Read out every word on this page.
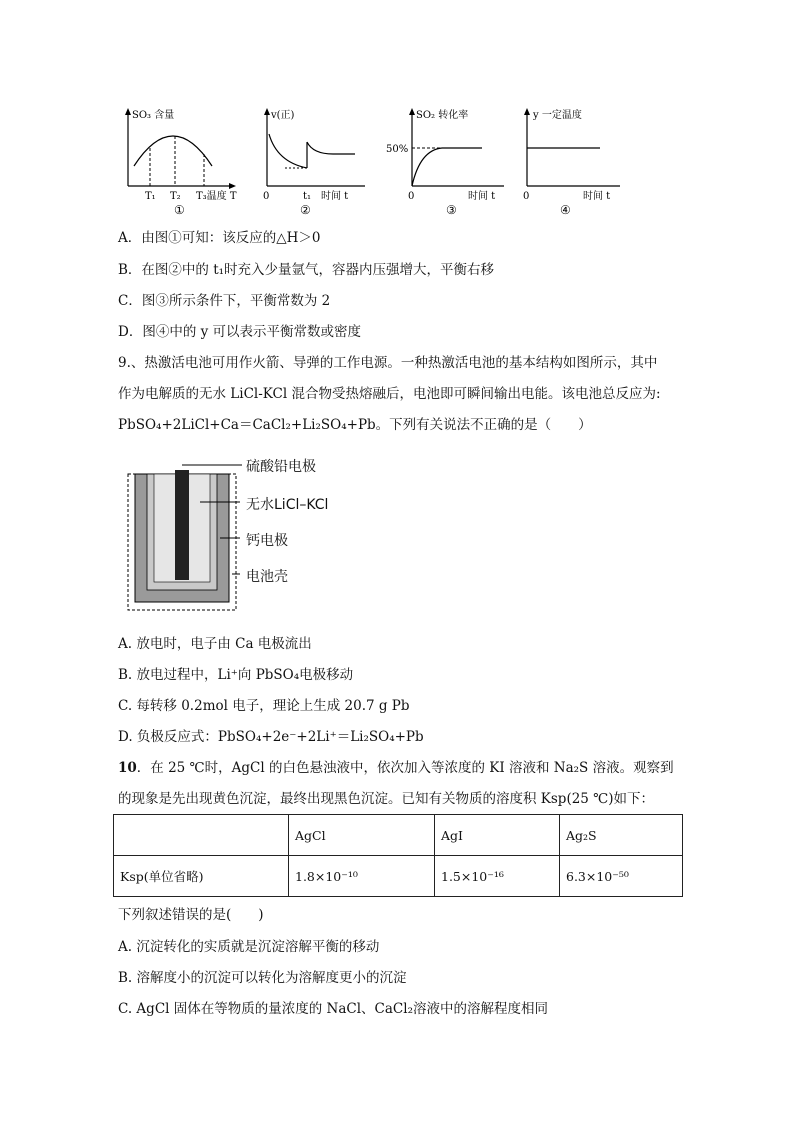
SO₃ 含量
T₁ T₂ T₃温度 T
①
v(正)
0	t₁ 时间 t
②
SO₂ 转化率
50%
0	时间 t
③
y 一定温度
0	时间 t
④
A．由图①可知：该反应的△H＞0
B．在图②中的 t₁时充入少量氩气，容器内压强增大，平衡右移
C．图③所示条件下，平衡常数为 2
D．图④中的 y 可以表示平衡常数或密度
9.、热激活电池可用作火箭、导弹的工作电源。一种热激活电池的基本结构如图所示，其中
作为电解质的无水 LiCl-KCl 混合物受热熔融后，电池即可瞬间输出电能。该电池总反应为:
PbSO₄+2LiCl+Ca＝CaCl₂+Li₂SO₄+Pb。下列有关说法不正确的是（　　）
硫酸铅电极
无水LiCl–KCl
钙电极
电池壳
A. 放电时，电子由 Ca 电极流出
B. 放电过程中，Li⁺向 PbSO₄电极移动
C. 每转移 0.2mol 电子，理论上生成 20.7 g Pb
D. 负极反应式：PbSO₄+2e⁻+2Li⁺＝Li₂SO₄+Pb
10．在 25 ℃时，AgCl 的白色悬浊液中，依次加入等浓度的 KI 溶液和 Na₂S 溶液。观察到
的现象是先出现黄色沉淀，最终出现黑色沉淀。已知有关物质的溶度积 Ksp(25 ℃)如下：
	AgCl	AgI	Ag₂S
Ksp(单位省略)	1.8×10⁻¹⁰	1.5×10⁻¹⁶	6.3×10⁻⁵⁰
下列叙述错误的是(　　)
A. 沉淀转化的实质就是沉淀溶解平衡的移动
B. 溶解度小的沉淀可以转化为溶解度更小的沉淀
C. AgCl 固体在等物质的量浓度的 NaCl、CaCl₂溶液中的溶解程度相同
